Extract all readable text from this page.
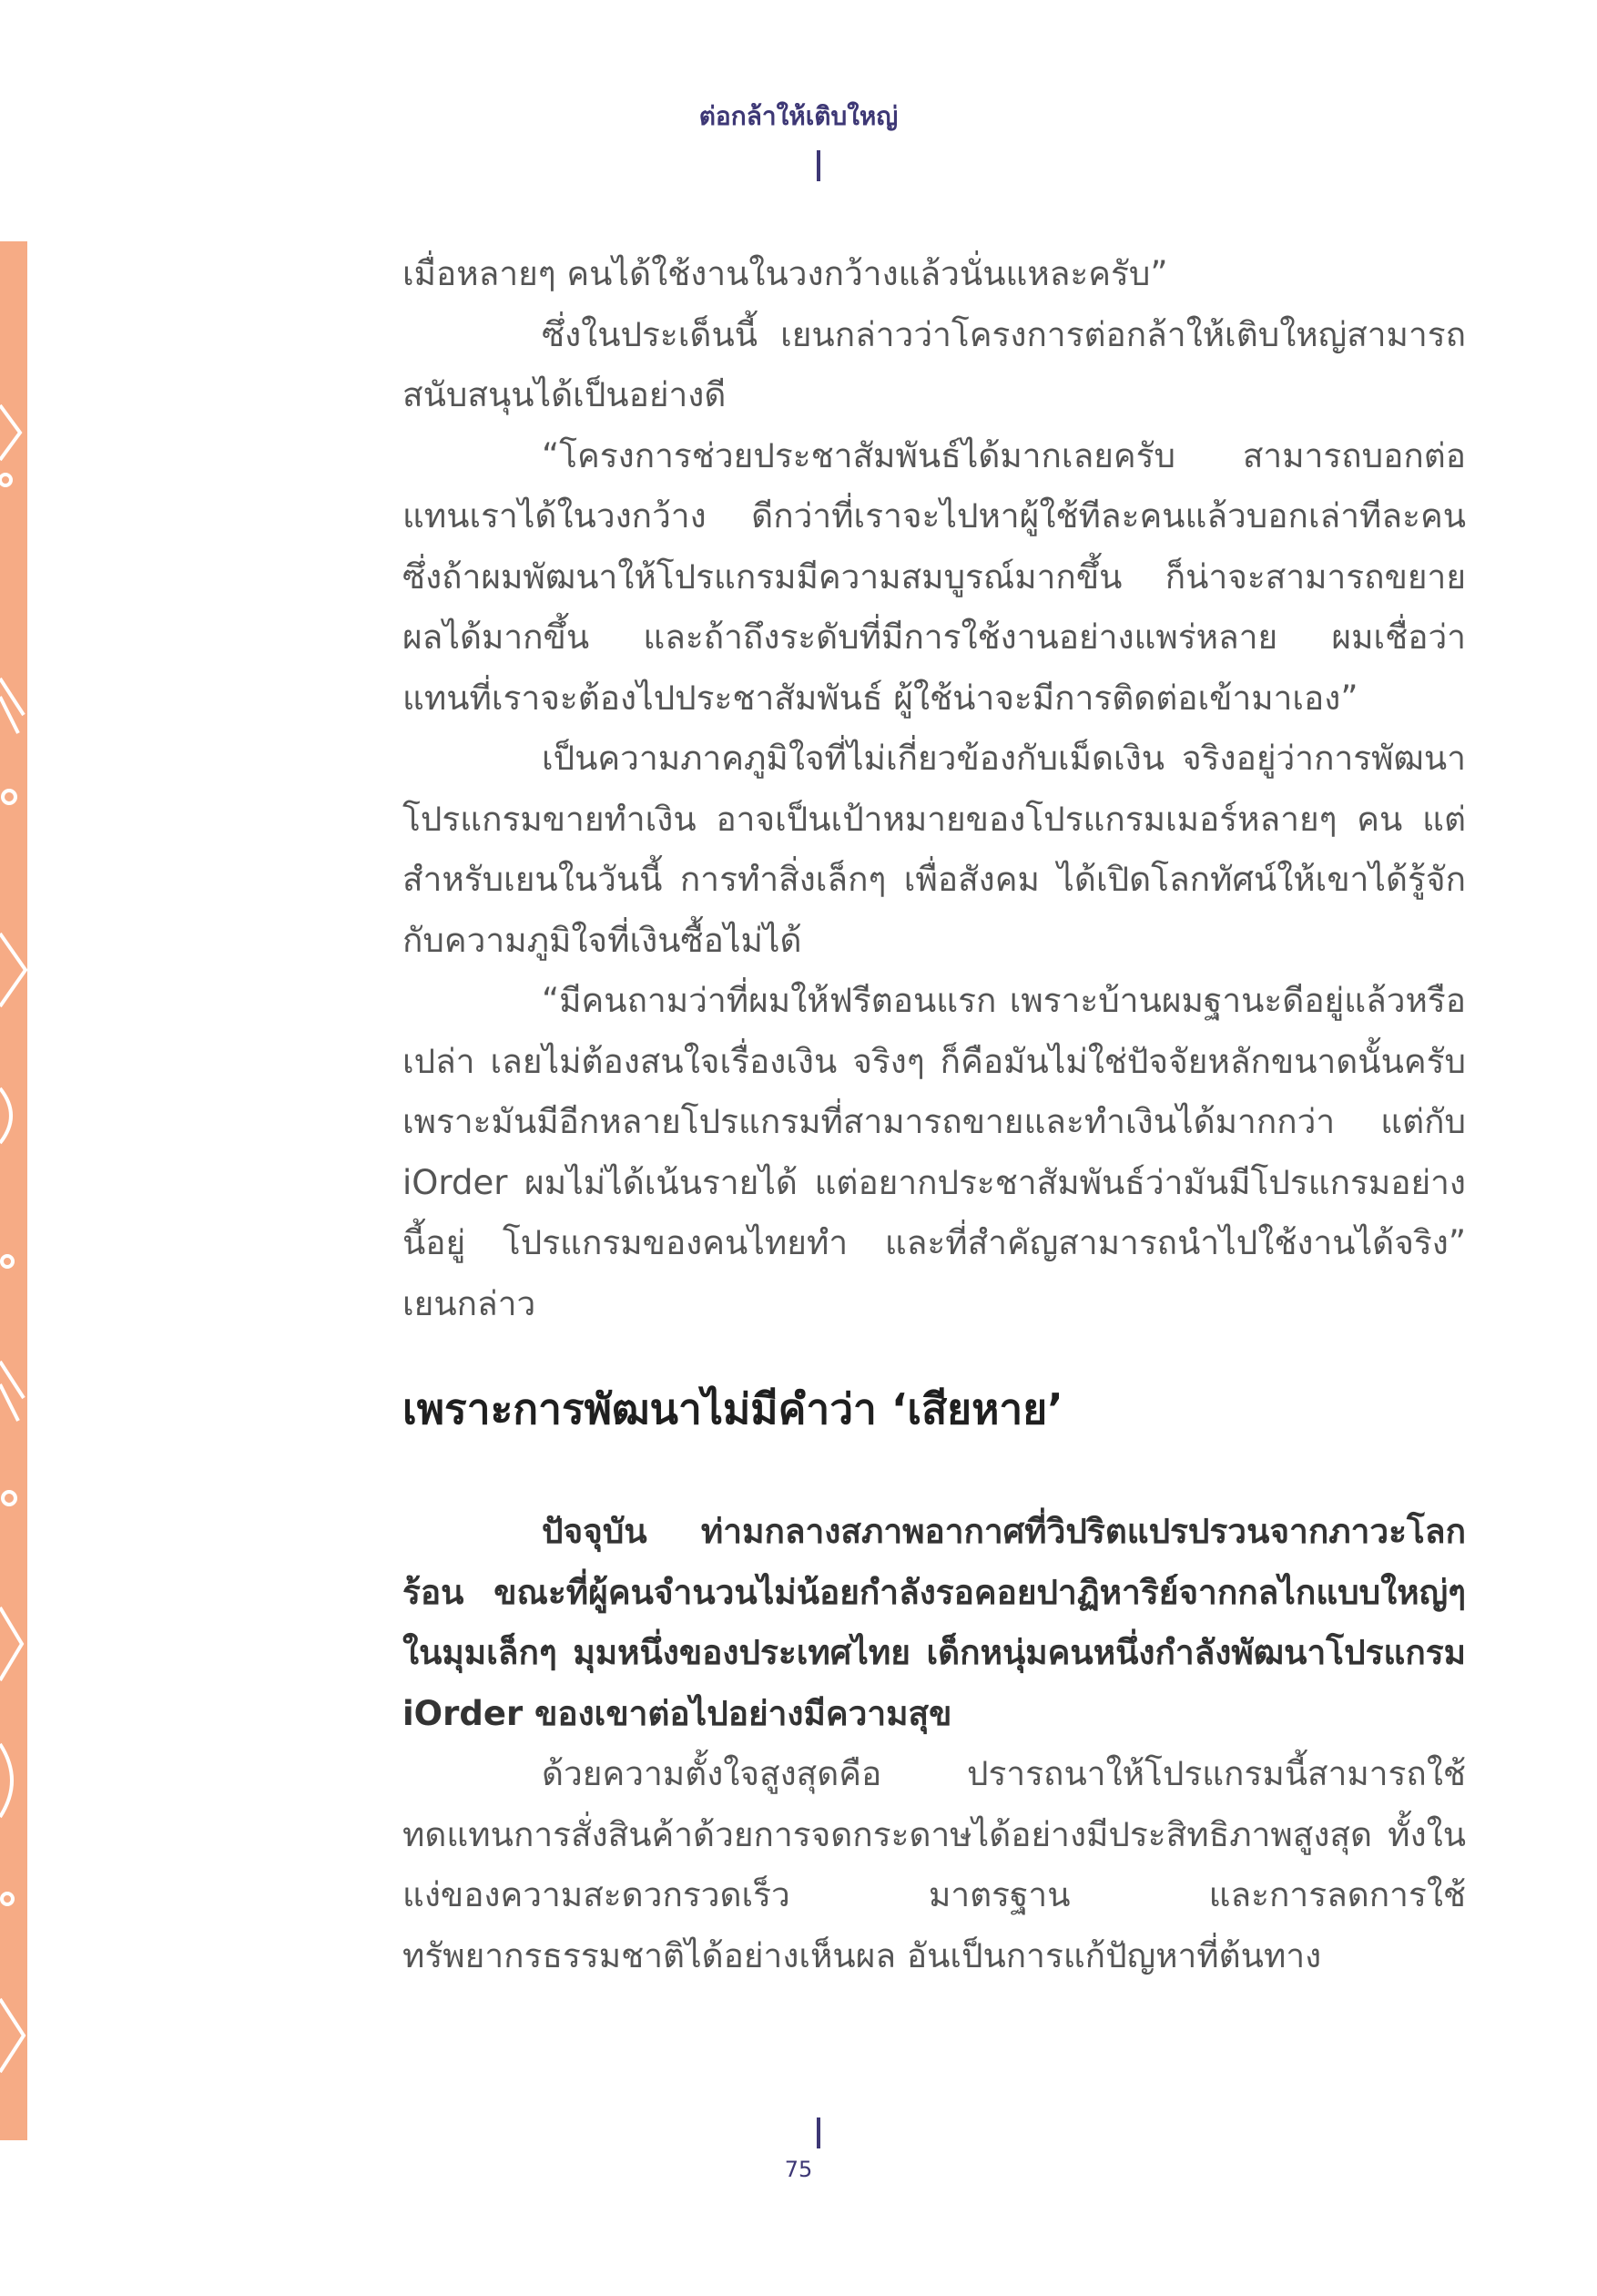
ต่อกล้าให้เติบใหญ่

เมื่อหลายๆ คนได้ใช้งานในวงกว้างแล้วนั่นแหละครับ”

ซึ่งในประเด็นนี้ เยนกล่าวว่าโครงการต่อกล้าให้เติบใหญ่สามารถสนับสนุนได้เป็นอย่างดี

“โครงการช่วยประชาสัมพันธ์ได้มากเลยครับ สามารถบอกต่อแทนเราได้ในวงกว้าง ดีกว่าที่เราจะไปหาผู้ใช้ทีละคนแล้วบอกเล่าทีละคน ซึ่งถ้าผมพัฒนาให้โปรแกรมมีความสมบูรณ์มากขึ้น ก็น่าจะสามารถขยายผลได้มากขึ้น และถ้าถึงระดับที่มีการใช้งานอย่างแพร่หลาย ผมเชื่อว่าแทนที่เราจะต้องไปประชาสัมพันธ์ ผู้ใช้น่าจะมีการติดต่อเข้ามาเอง”

เป็นความภาคภูมิใจที่ไม่เกี่ยวข้องกับเม็ดเงิน จริงอยู่ว่าการพัฒนาโปรแกรมขายทำเงิน อาจเป็นเป้าหมายของโปรแกรมเมอร์หลายๆ คน แต่สำหรับเยนในวันนี้ การทำสิ่งเล็กๆ เพื่อสังคม ได้เปิดโลกทัศน์ให้เขาได้รู้จักกับความภูมิใจที่เงินซื้อไม่ได้

“มีคนถามว่าที่ผมให้ฟรีตอนแรก เพราะบ้านผมฐานะดีอยู่แล้วหรือเปล่า เลยไม่ต้องสนใจเรื่องเงิน จริงๆ ก็คือมันไม่ใช่ปัจจัยหลักขนาดนั้นครับ เพราะมันมีอีกหลายโปรแกรมที่สามารถขายและทำเงินได้มากกว่า แต่กับ iOrder ผมไม่ได้เน้นรายได้ แต่อยากประชาสัมพันธ์ว่ามันมีโปรแกรมอย่างนี้อยู่ โปรแกรมของคนไทยทำ และที่สำคัญสามารถนำไปใช้งานได้จริง” เยนกล่าว

เพราะการพัฒนาไม่มีคำว่า ‘เสียหาย’

ปัจจุบัน ท่ามกลางสภาพอากาศที่วิปริตแปรปรวนจากภาวะโลกร้อน ขณะที่ผู้คนจำนวนไม่น้อยกำลังรอคอยปาฏิหาริย์จากกลไกแบบใหญ่ๆ ในมุมเล็กๆ มุมหนึ่งของประเทศไทย เด็กหนุ่มคนหนึ่งกำลังพัฒนาโปรแกรม iOrder ของเขาต่อไปอย่างมีความสุข

ด้วยความตั้งใจสูงสุดคือ ปรารถนาให้โปรแกรมนี้สามารถใช้ทดแทนการสั่งสินค้าด้วยการจดกระดาษได้อย่างมีประสิทธิภาพสูงสุด ทั้งในแง่ของความสะดวกรวดเร็ว มาตรฐาน และการลดการใช้ทรัพยากรธรรมชาติได้อย่างเห็นผล อันเป็นการแก้ปัญหาที่ต้นทาง

75
